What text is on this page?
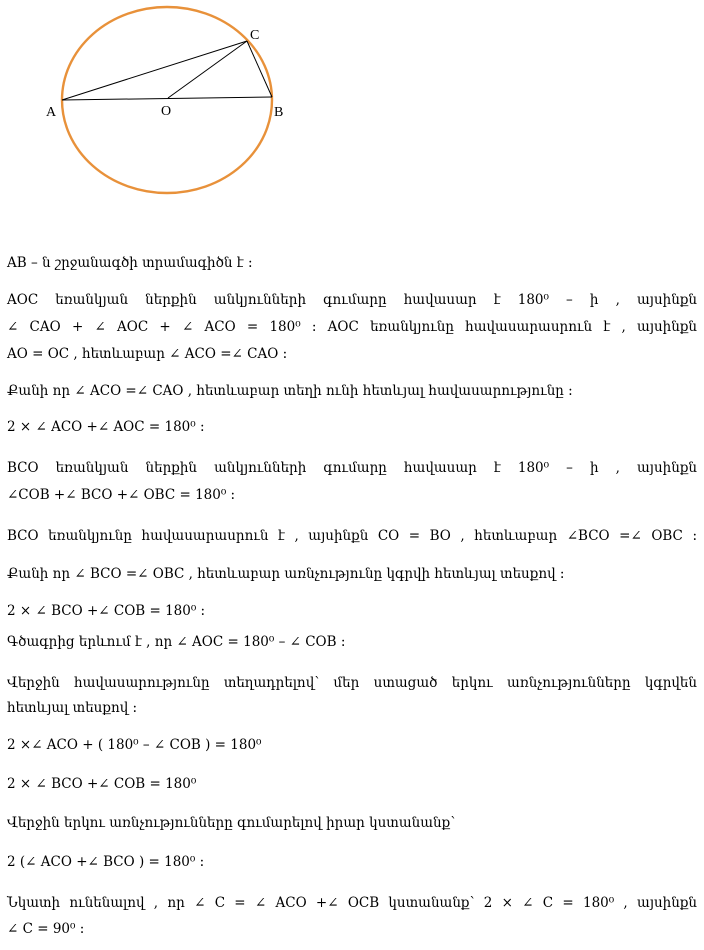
A	O	B
C
AB – ն շրջանագծի տրամագիծն է :
AOC եռանկյան ներքին անկյունների գումարը հավասար է 180⁰ – ի , այսինքն
∠ CAO + ∠ AOC + ∠ ACO = 180⁰ : AOC եռանկյունը հավասարասրուն է , այսինքն
AO = OC , հետևաբար ∠ ACO =∠ CAO :
Քանի որ ∠ ACO =∠ CAO , հետևաբար տեղի ունի հետևյալ հավասարությունը :
2 × ∠ ACO +∠ AOC = 180⁰ :
BCO եռանկյան ներքին անկյունների գումարը հավասար է 180⁰ – ի , այսինքն
∠COB +∠ BCO +∠ OBC = 180⁰ :
BCO եռանկյունը հավասարասրուն է , այսինքն CO = BO , հետևաբար ∠BCO =∠ OBC :
Քանի որ ∠ BCO =∠ OBC , հետևաբար առնչությունը կգրվի հետևյալ տեսքով :
2 × ∠ BCO +∠ COB = 180⁰ :
Գծագրից երևում է , որ ∠ AOC = 180⁰ – ∠ COB :
Վերջին հավասարությունը տեղադրելով՝ մեր ստացած երկու առնչությունները կգրվեն
հետևյալ տեսքով :
2 ×∠ ACO + ( 180⁰ – ∠ COB ) = 180⁰
2 × ∠ BCO +∠ COB = 180⁰
Վերջին երկու առնչությունները գումարելով իրար կստանանք՝
2 (∠ ACO +∠ BCO ) = 180⁰ :
Նկատի ունենալով , որ ∠ C = ∠ ACO +∠ OCB կստանանք՝ 2 × ∠ C = 180⁰ , այսինքն
∠ C = 90⁰ :
